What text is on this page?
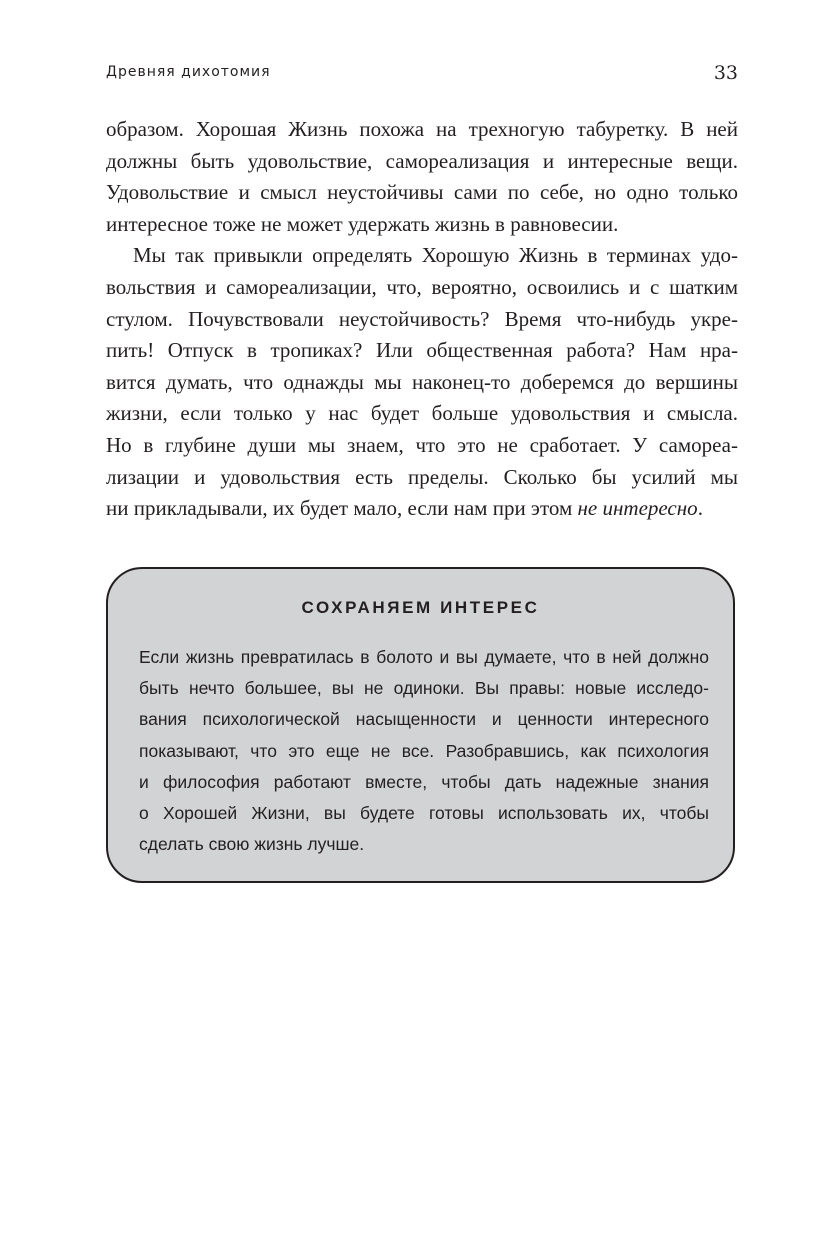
Древняя дихотомия	33
образом. Хорошая Жизнь похожа на трехногую табуретку. В ней
должны быть удовольствие, самореализация и интересные вещи.
Удовольствие и смысл неустойчивы сами по себе, но одно только
интересное тоже не может удержать жизнь в равновесии.
Мы так привыкли определять Хорошую Жизнь в терминах удо-
вольствия и самореализации, что, вероятно, освоились и с шатким
стулом. Почувствовали неустойчивость? Время что-нибудь укре-
пить! Отпуск в тропиках? Или общественная работа? Нам нра-
вится думать, что однажды мы наконец-то доберемся до вершины
жизни, если только у нас будет больше удовольствия и смысла.
Но в глубине души мы знаем, что это не сработает. У самореа-
лизации и удовольствия есть пределы. Сколько бы усилий мы
ни прикладывали, их будет мало, если нам при этом не интересно.
СОХРАНЯЕМ ИНТЕРЕС
Если жизнь превратилась в болото и вы думаете, что в ней должно
быть нечто большее, вы не одиноки. Вы правы: новые исследо-
вания психологической насыщенности и ценности интересного
показывают, что это еще не все. Разобравшись, как психология
и философия работают вместе, чтобы дать надежные знания
о Хорошей Жизни, вы будете готовы использовать их, чтобы
сделать свою жизнь лучше.
